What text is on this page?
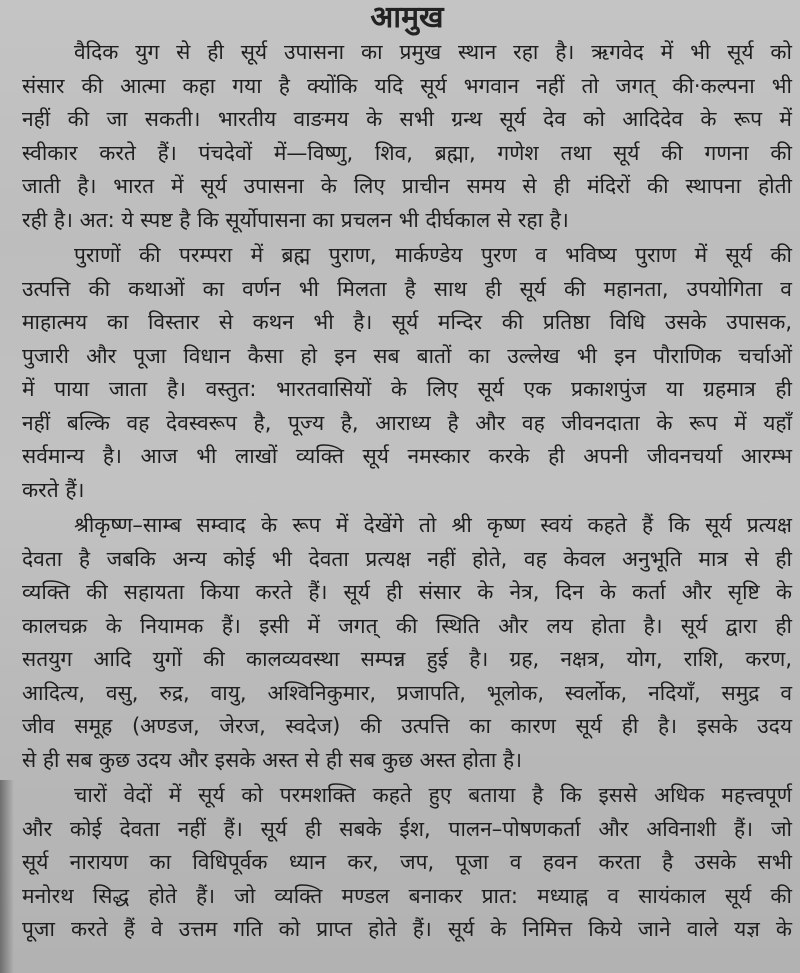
आमुख

वैदिक युग से ही सूर्य उपासना का प्रमुख स्थान रहा है। ऋगवेद में भी सूर्य को
संसार की आत्मा कहा गया है क्योंकि यदि सूर्य भगवान नहीं तो जगत् की·कल्पना भी
नहीं की जा सकती। भारतीय वाङमय के सभी ग्रन्थ सूर्य देव को आदिदेव के रूप में
स्वीकार करते हैं। पंचदेवों में—विष्णु, शिव, ब्रह्मा, गणेश तथा सूर्य की गणना की
जाती है। भारत में सूर्य उपासना के लिए प्राचीन समय से ही मंदिरों की स्थापना होती
रही है। अत: ये स्पष्ट है कि सूर्योपासना का प्रचलन भी दीर्घकाल से रहा है।

पुराणों की परम्परा में ब्रह्म पुराण, मार्कण्डेय पुरण व भविष्य पुराण में सूर्य की
उत्पत्ति की कथाओं का वर्णन भी मिलता है साथ ही सूर्य की महानता, उपयोगिता व
माहात्मय का विस्तार से कथन भी है। सूर्य मन्दिर की प्रतिष्ठा विधि उसके उपासक,
पुजारी और पूजा विधान कैसा हो इन सब बातों का उल्लेख भी इन पौराणिक चर्चाओं
में पाया जाता है। वस्तुत: भारतवासियों के लिए सूर्य एक प्रकाशपुंज या ग्रहमात्र ही
नहीं बल्कि वह देवस्वरूप है, पूज्य है, आराध्य है और वह जीवनदाता के रूप में यहाँ
सर्वमान्य है। आज भी लाखों व्यक्ति सूर्य नमस्कार करके ही अपनी जीवनचर्या आरम्भ
करते हैं।

श्रीकृष्ण–साम्ब सम्वाद के रूप में देखेंगे तो श्री कृष्ण स्वयं कहते हैं कि सूर्य प्रत्यक्ष
देवता है जबकि अन्य कोई भी देवता प्रत्यक्ष नहीं होते, वह केवल अनुभूति मात्र से ही
व्यक्ति की सहायता किया करते हैं। सूर्य ही संसार के नेत्र, दिन के कर्ता और सृष्टि के
कालचक्र के नियामक हैं। इसी में जगत् की स्थिति और लय होता है। सूर्य द्वारा ही
सतयुग आदि युगों की कालव्यवस्था सम्पन्न हुई है। ग्रह, नक्षत्र, योग, राशि, करण,
आदित्य, वसु, रुद्र, वायु, अश्विनिकुमार, प्रजापति, भूलोक, स्वर्लोक, नदियाँ, समुद्र व
जीव समूह (अण्डज, जेरज, स्वदेज) की उत्पत्ति का कारण सूर्य ही है। इसके उदय
से ही सब कुछ उदय और इसके अस्त से ही सब कुछ अस्त होता है।

चारों वेदों में सूर्य को परमशक्ति कहते हुए बताया है कि इससे अधिक महत्त्वपूर्ण
और कोई देवता नहीं हैं। सूर्य ही सबके ईश, पालन–पोषणकर्ता और अविनाशी हैं। जो
सूर्य नारायण का विधिपूर्वक ध्यान कर, जप, पूजा व हवन करता है उसके सभी
मनोरथ सिद्ध होते हैं। जो व्यक्ति मण्डल बनाकर प्रात: मध्याह्न व सायंकाल सूर्य की
पूजा करते हैं वे उत्तम गति को प्राप्त होते हैं। सूर्य के निमित्त किये जाने वाले यज्ञ के
